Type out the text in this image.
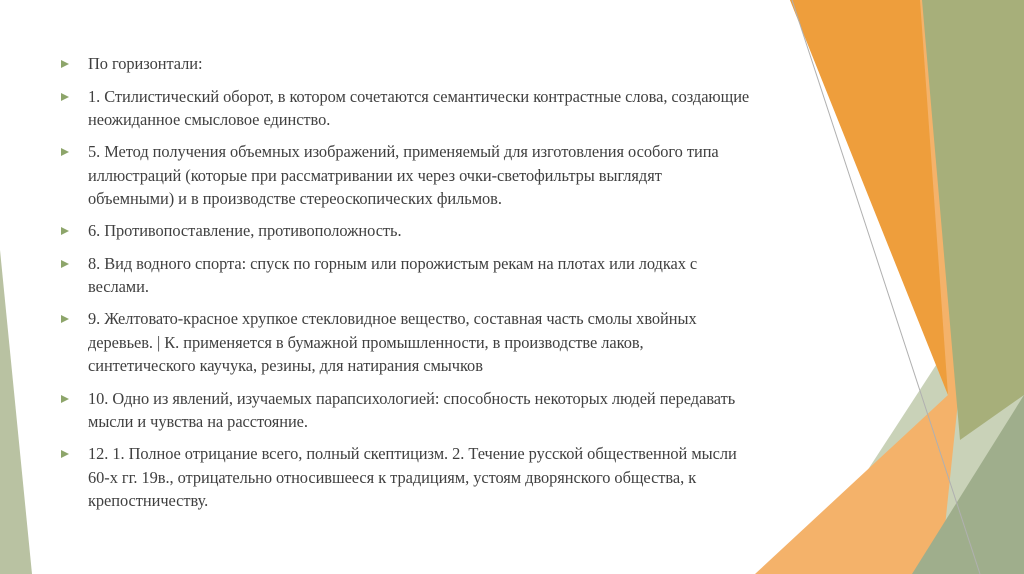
По горизонтали:
1. Стилистический оборот, в котором сочетаются семантически контрастные слова, создающие
неожиданное смысловое единство.
5. Метод получения объемных изображений, применяемый для изготовления особого типа
иллюстраций (которые при рассматривании их через очки-светофильтры выглядят
объемными) и в производстве стереоскопических фильмов.
6. Противопоставление, противоположность.
8. Вид водного спорта: спуск по горным или порожистым рекам на плотах или лодках с
веслами.
9. Желтовато-красное хрупкое стекловидное вещество, составная часть смолы хвойных
деревьев. | К. применяется в бумажной промышленности, в производстве лаков,
синтетического каучука, резины, для натирания смычков
10. Одно из явлений, изучаемых парапсихологией: способность некоторых людей передавать
мысли и чувства на расстояние.
12. 1. Полное отрицание всего, полный скептицизм. 2. Течение русской общественной мысли
60-х гг. 19в., отрицательно относившееся к традициям, устоям дворянского общества, к
крепостничеству.
